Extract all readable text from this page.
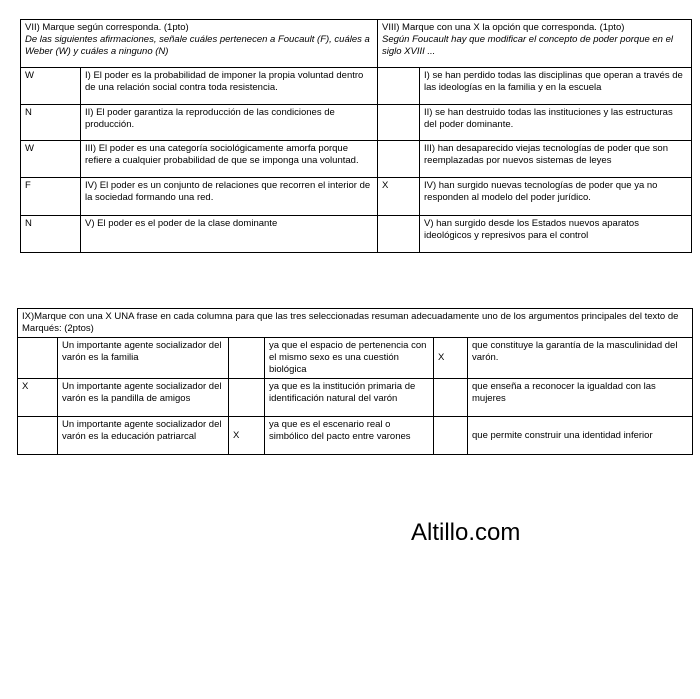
VII) Marque según corresponda. (1pto)
De las siguientes afirmaciones, señale cuáles pertenecen a Foucault (F), cuáles a Weber (W) y cuáles a ninguno (N)		VIII) Marque con una X la opción que corresponda. (1pto)
Según Foucault hay que modificar el concepto de poder porque en el siglo XVIII ...	

W	I) El poder es la probabilidad de imponer la propia voluntad dentro de una relación social contra toda resistencia.		I) se han perdido todas las disciplinas que operan a través de las ideologías en la familia y en la escuela
N	II) El poder garantiza la reproducción de las condiciones de producción.		II) se han destruido todas las instituciones y las estructuras del poder dominante.
W	III) El poder es una categoría sociológicamente amorfa porque refiere a cualquier probabilidad de que se imponga una voluntad.		III) han desaparecido viejas tecnologías de poder que son reemplazadas por nuevos sistemas de leyes
F	IV) El poder es un conjunto de relaciones que recorren el interior de la sociedad formando una red.	X	IV) han surgido nuevas tecnologías de poder que ya no responden al modelo del poder jurídico.
N	V) El poder es el poder de la clase dominante		V) han surgido desde los Estados nuevos aparatos ideológicos y represivos para el control
IX)Marque con una X UNA frase en cada columna para que las tres seleccionadas resuman adecuadamente uno de los argumentos principales del texto de Marqués: (2ptos)					
	Un importante agente socializador del varón es la familia		ya que el espacio de pertenencia con el mismo sexo es una cuestión biológica	X	que constituye la garantía de la masculinidad del varón.
X	Un importante agente socializador del varón es la pandilla de amigos		ya que es la institución primaria de identificación natural del varón		que enseña a reconocer la igualdad con las mujeres
	Un importante agente socializador del varón es la educación patriarcal	X	ya que es el escenario real o simbólico del pacto entre varones		que permite construir una identidad inferior
Altillo.com
